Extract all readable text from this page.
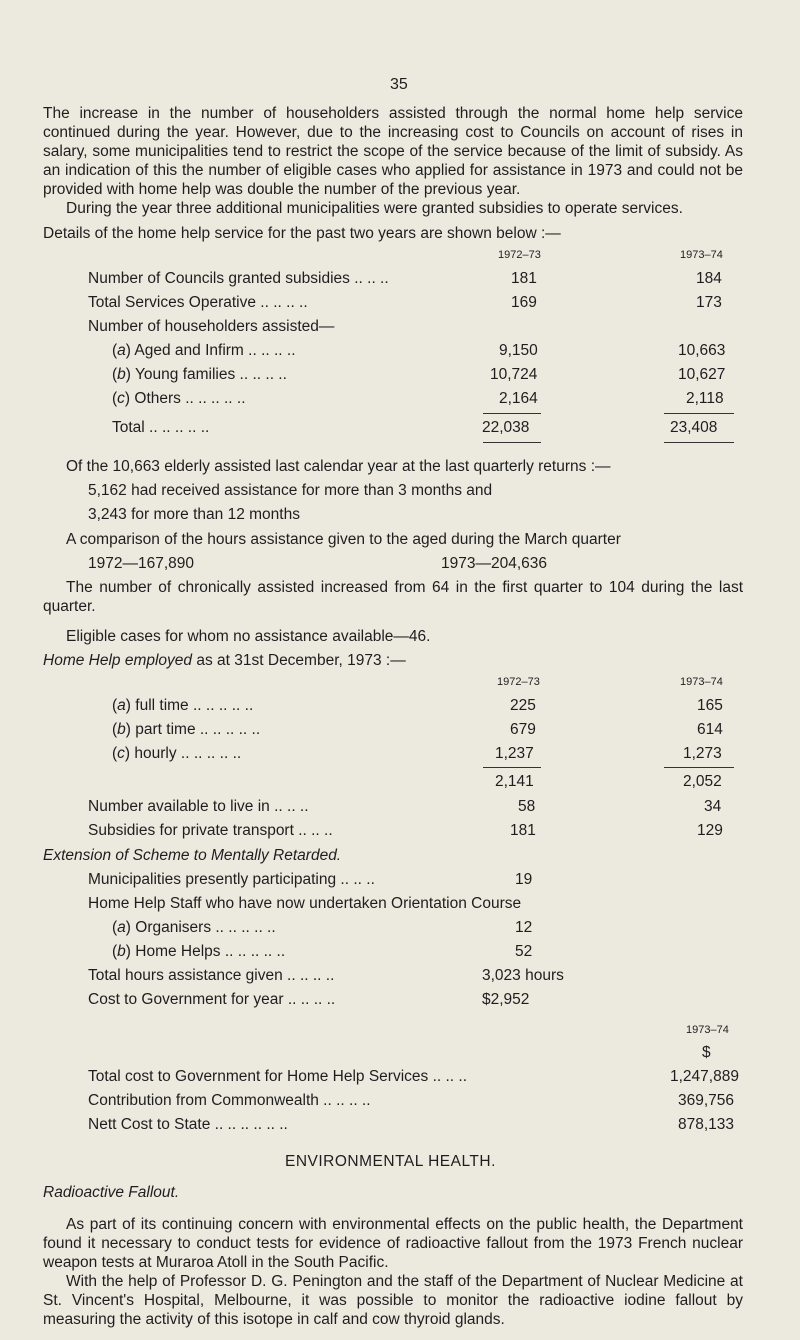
35
The increase in the number of householders assisted through the normal home help service continued during the year. However, due to the increasing cost to Councils on account of rises in salary, some municipalities tend to restrict the scope of the service because of the limit of subsidy. As an indication of this the number of eligible cases who applied for assistance in 1973 and could not be provided with home help was double the number of the previous year.
During the year three additional municipalities were granted subsidies to operate services.
Details of the home help service for the past two years are shown below :—
1972–73	1973–74
Number of Councils granted subsidies .. .. ..	181	184
Total Services Operative .. .. .. ..	169	173
Number of householders assisted—
(a) Aged and Infirm .. .. .. ..	9,150	10,663
(b) Young families .. .. .. ..	10,724	10,627
(c) Others .. .. .. .. ..	2,164	2,118
Total .. .. .. .. ..	22,038	23,408
Of the 10,663 elderly assisted last calendar year at the last quarterly returns :—
5,162 had received assistance for more than 3 months and
3,243 for more than 12 months
A comparison of the hours assistance given to the aged during the March quarter
1972—167,890	1973—204,636
The number of chronically assisted increased from 64 in the first quarter to 104 during the last quarter.
Eligible cases for whom no assistance available—46.
Home Help employed as at 31st December, 1973 :—
1972–73	1973–74
(a) full time .. .. .. .. ..	225	165
(b) part time .. .. .. .. ..	679	614
(c) hourly .. .. .. .. ..	1,237	1,273
2,141	2,052
Number available to live in .. .. ..	58	34
Subsidies for private transport .. .. ..	181	129
Extension of Scheme to Mentally Retarded.
Municipalities presently participating .. .. ..	19
Home Help Staff who have now undertaken Orientation Course
(a) Organisers .. .. .. .. ..	12
(b) Home Helps .. .. .. .. ..	52
Total hours assistance given .. .. .. ..	3,023 hours
Cost to Government for year .. .. .. ..	$2,952
1973–74
$
Total cost to Government for Home Help Services .. .. ..	1,247,889
Contribution from Commonwealth .. .. .. ..	369,756
Nett Cost to State .. .. .. .. .. ..	878,133
ENVIRONMENTAL HEALTH.
Radioactive Fallout.
As part of its continuing concern with environmental effects on the public health, the Department found it necessary to conduct tests for evidence of radioactive fallout from the 1973 French nuclear weapon tests at Muraroa Atoll in the South Pacific.
With the help of Professor D. G. Penington and the staff of the Department of Nuclear Medicine at St. Vincent's Hospital, Melbourne, it was possible to monitor the radioactive iodine fallout by measuring the activity of this isotope in calf and cow thyroid glands.
